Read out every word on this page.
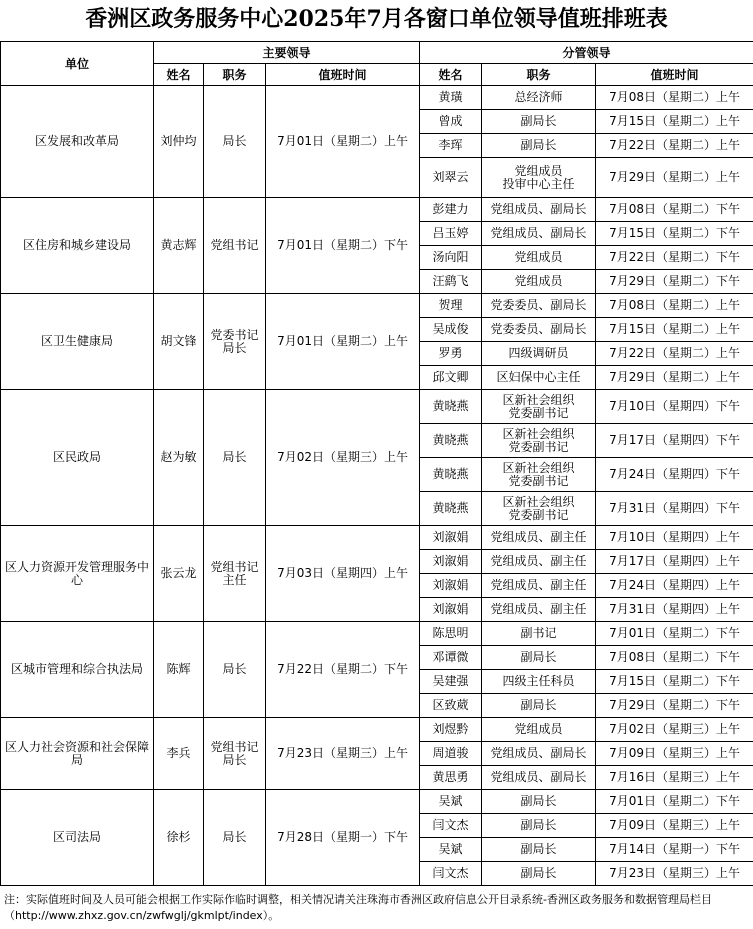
香洲区政务服务中心2025年7月各窗口单位领导值班排班表
单位	主要领导			分管领导		
	姓名	职务	值班时间	姓名	职务	值班时间

区发展和改革局	刘仲均	局长	7月01日（星期二）上午	黄璜	总经济师	7月08日（星期二）上午

				曾成	副局长	7月15日（星期二）上午

				李珲	副局长	7月22日（星期二）上午

				刘翠云	党组成员
投审中心主任	7月29日（星期二）上午

区住房和城乡建设局	黄志辉	党组书记	7月01日（星期二）下午	彭建力	党组成员、副局长	7月08日（星期二）下午

				吕玉婷	党组成员、副局长	7月15日（星期二）下午

				汤向阳	党组成员	7月22日（星期二）下午

				汪鹞飞	党组成员	7月29日（星期二）下午

区卫生健康局	胡文锋	党委书记
局长	7月01日（星期二）上午	贺理	党委委员、副局长	7月08日（星期二）上午

				吴成俊	党委委员、副局长	7月15日（星期二）上午

				罗勇	四级调研员	7月22日（星期二）上午

				邱文卿	区妇保中心主任	7月29日（星期二）上午

区民政局	赵为敏	局长	7月02日（星期三）上午	黄晓燕	区新社会组织
党委副书记	7月10日（星期四）下午

				黄晓燕	区新社会组织
党委副书记	7月17日（星期四）下午

				黄晓燕	区新社会组织
党委副书记	7月24日（星期四）下午

				黄晓燕	区新社会组织
党委副书记	7月31日（星期四）下午

区人力资源开发管理服务中心	张云龙	党组书记
主任	7月03日（星期四）上午	刘溆娟	党组成员、副主任	7月10日（星期四）上午

				刘溆娟	党组成员、副主任	7月17日（星期四）上午

				刘溆娟	党组成员、副主任	7月24日（星期四）上午

				刘溆娟	党组成员、副主任	7月31日（星期四）上午

区城市管理和综合执法局	陈辉	局长	7月22日（星期二）下午	陈思明	副书记	7月01日（星期二）下午

				邓谭微	副局长	7月08日（星期二）下午

				吴建强	四级主任科员	7月15日（星期二）下午

				区致葳	副局长	7月29日（星期二）下午

区人力社会资源和社会保障局	李兵	党组书记
局长	7月23日（星期三）上午	刘煜黔	党组成员	7月02日（星期三）上午

				周道骏	党组成员、副局长	7月09日（星期三）上午

				黄思勇	党组成员、副局长	7月16日（星期三）上午

区司法局	徐杉	局长	7月28日（星期一）下午	吴斌	副局长	7月01日（星期二）下午

				闫文杰	副局长	7月09日（星期三）上午

				吴斌	副局长	7月14日（星期一）下午

				闫文杰	副局长	7月23日（星期三）上午
注：实际值班时间及人员可能会根据工作实际作临时调整，相关情况请关注珠海市香洲区政府信息公开目录系统-香洲区政务服务和数据管理局栏目（http://www.zhxz.gov.cn/zwfwglj/gkmlpt/index）。
